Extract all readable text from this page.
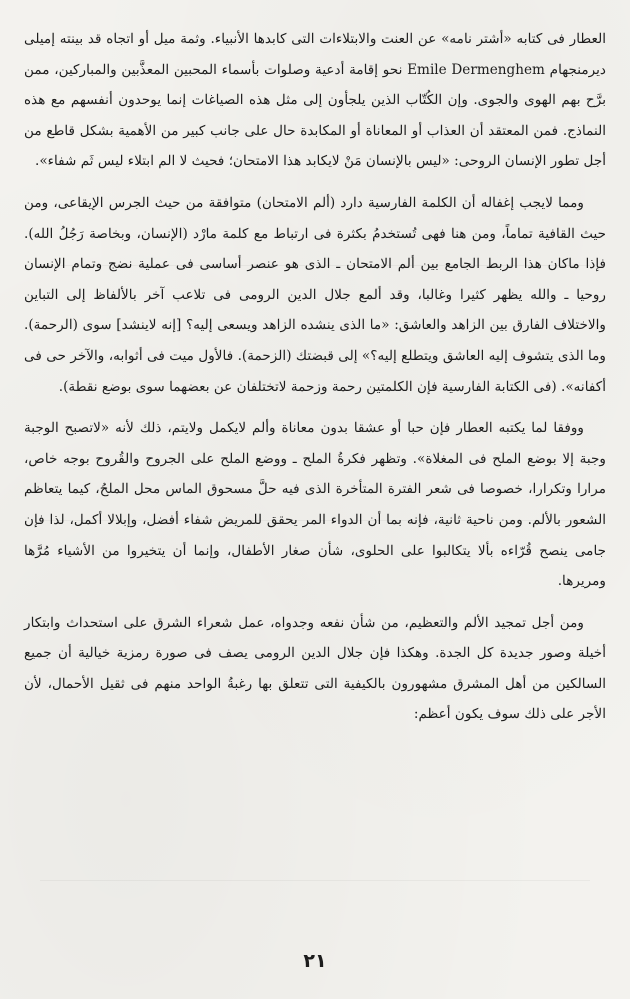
العطار فى كتابه «أشتر نامه» عن العنت والابتلاءات التى كابدها الأنبياء. وثمة ميل أو اتجاه قد بينته إميلى ديرمنجهام Emile Dermenghem نحو إقامة أدعية وصلوات بأسماء المحبين المعذَّبين والمباركين، ممن برَّح بهم الهوى والجوى. وإن الكُتّاب الذين يلجأون إلى مثل هذه الصياغات إنما يوحدون أنفسهم مع هذه النماذج. فمن المعتقد أن العذاب أو المعاناة أو المكابدة حال على جانب كبير من الأهمية بشكل قاطع من أجل تطور الإنسان الروحى: «ليس بالإنسان مَنْ لايكابد هذا الامتحان؛ فحيث لا الم ابتلاء ليس ثَم شفاء».

ومما لايجب إغفاله أن الكلمة الفارسية دارد (ألم الامتحان) متوافقة من حيث الجرس الإيقاعى، ومن حيث القافية تماماً، ومن هنا فهى تُستخدمُ بكثرة فى ارتباط مع كلمة مارْد (الإنسان، وبخاصة رَجُلُ الله). فإذا ماكان هذا الربط الجامع بين ألم الامتحان ـ الذى هو عنصر أساسى فى عملية نضج وتمام الإنسان روحيا ـ والله يظهر كثيرا وغالبا، وقد ألمع جلال الدين الرومى فى تلاعب آخر بالألفاظ إلى التباين والاختلاف الفارق بين الزاهد والعاشق: «ما الذى ينشده الزاهد ويسعى إليه؟ [إنه لاينشد] سوى (الرحمة). وما الذى يتشوف إليه العاشق ويتطلع إليه؟» إلى قبضتك (الزحمة). فالأول ميت فى أثوابه، والآخر حى فى أكفانه». (فى الكتابة الفارسية فإن الكلمتين رحمة وزحمة لاتختلفان عن بعضهما سوى بوضع نقطة).

ووفقا لما يكتبه العطار فإن حبا أو عشقا بدون معاناة وألم لايكمل ولايتم، ذلك لأنه «لاتصبح الوجبة وجبة إلا بوضع الملح فى المغلاة». وتظهر فكرةُ الملح ـ ووضع الملح على الجروح والقُروح بوجه خاص، مرارا وتكرارا، خصوصا فى شعر الفترة المتأخرة الذى فيه حلَّ مسحوق الماس محل الملحُ، كيما يتعاظم الشعور بالألم. ومن ناحية ثانية، فإنه بما أن الدواء المر يحقق للمريض شفاء أفضل، وإبلالا أكمل، لذا فإن جامى ينصح قُرّاءه بألا يتكالبوا على الحلوى، شأن صغار الأطفال، وإنما أن يتخيروا من الأشياء مُرَّها ومريرها.

ومن أجل تمجيد الألم والتعظيم، من شأن نفعه وجدواه، عمل شعراء الشرق على استحداث وابتكار أخيلة وصور جديدة كل الجدة. وهكذا فإن جلال الدين الرومى يصف فى صورة رمزية خيالية أن جميع السالكين من أهل المشرق مشهورون بالكيفية التى تتعلق بها رغبةُ الواحد منهم فى ثقيل الأحمال، لأن الأجر على ذلك سوف يكون أعظم:

٢١
